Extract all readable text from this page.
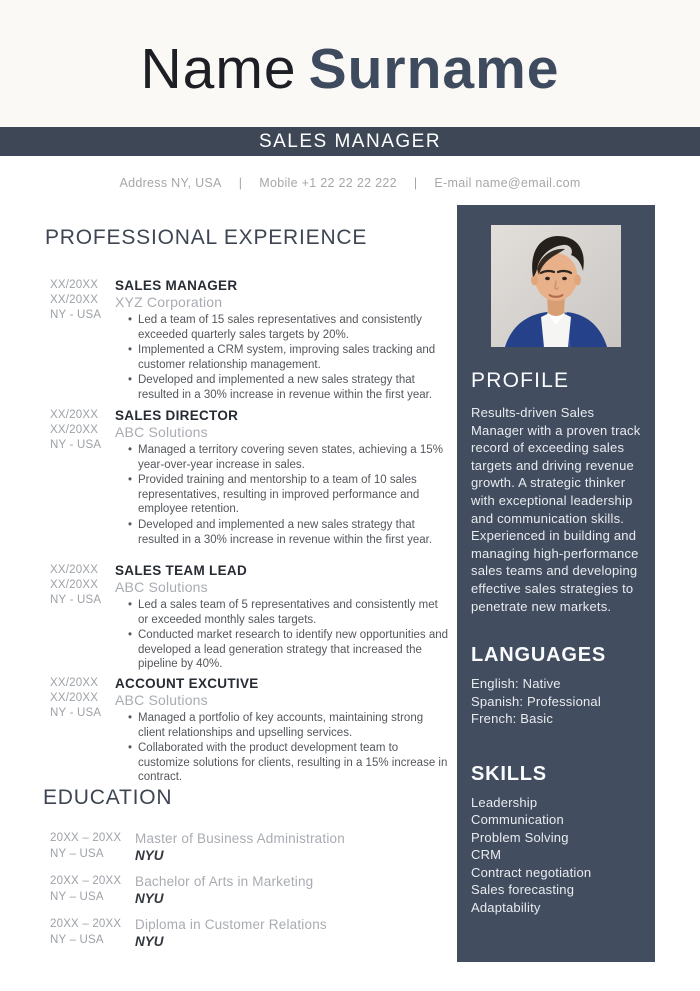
Name Surname
SALES MANAGER
Address NY, USA | Mobile +1 22 22 22 222 | E-mail name@email.com
PROFESSIONAL EXPERIENCE
XX/20XX
XX/20XX
NY - USA
SALES MANAGER
XYZ Corporation
• Led a team of 15 sales representatives and consistently exceeded quarterly sales targets by 20%.
• Implemented a CRM system, improving sales tracking and customer relationship management.
• Developed and implemented a new sales strategy that resulted in a 30% increase in revenue within the first year.
XX/20XX
XX/20XX
NY - USA
SALES DIRECTOR
ABC Solutions
• Managed a territory covering seven states, achieving a 15% year-over-year increase in sales.
• Provided training and mentorship to a team of 10 sales representatives, resulting in improved performance and employee retention.
• Developed and implemented a new sales strategy that resulted in a 30% increase in revenue within the first year.
XX/20XX
XX/20XX
NY - USA
SALES TEAM LEAD
ABC Solutions
• Led a sales team of 5 representatives and consistently met or exceeded monthly sales targets.
• Conducted market research to identify new opportunities and developed a lead generation strategy that increased the pipeline by 40%.
XX/20XX
XX/20XX
NY - USA
ACCOUNT EXCUTIVE
ABC Solutions
• Managed a portfolio of key accounts, maintaining strong client relationships and upselling services.
• Collaborated with the product development team to customize solutions for clients, resulting in a 15% increase in contract.
EDUCATION
20XX – 20XX
NY – USA
Master of Business Administration
NYU
20XX – 20XX
NY – USA
Bachelor of Arts in Marketing
NYU
20XX – 20XX
NY – USA
Diploma in Customer Relations
NYU
PROFILE
Results-driven Sales Manager with a proven track record of exceeding sales targets and driving revenue growth. A strategic thinker with exceptional leadership and communication skills. Experienced in building and managing high-performance sales teams and developing effective sales strategies to penetrate new markets.
LANGUAGES
English: Native
Spanish: Professional
French: Basic
SKILLS
Leadership
Communication
Problem Solving
CRM
Contract negotiation
Sales forecasting
Adaptability
